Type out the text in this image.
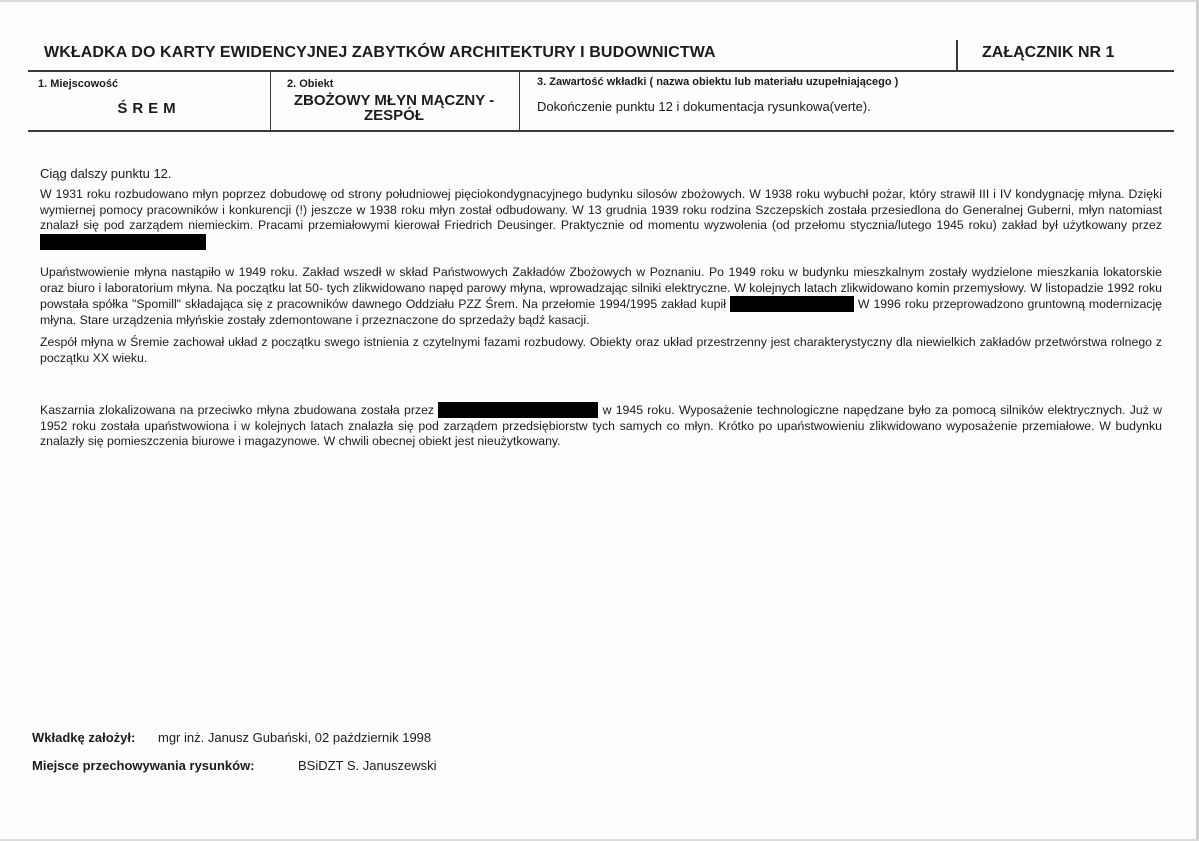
WKŁADKA DO KARTY EWIDENCYJNEJ ZABYTKÓW ARCHITEKTURY I BUDOWNICTWA	ZAŁĄCZNIK NR 1
1. Miejscowość
ŚREM
2. Obiekt
ZBOŻOWY MŁYN MĄCZNY - ZESPÓŁ
3. Zawartość wkładki ( nazwa obiektu lub materiału uzupełniającego )
Dokończenie punktu 12 i dokumentacja rysunkowa(verte).
Ciąg dalszy punktu 12.

W 1931 roku rozbudowano młyn poprzez dobudowę od strony południowej pięciokondygnacyjnego budynku silosów zbożowych. W 1938 roku wybuchł pożar, który strawił III i IV kondygnację młyna. Dzięki wymiernej pomocy pracowników i konkurencji (!) jeszcze w 1938 roku młyn został odbudowany. W 13 grudnia 1939 roku rodzina Szczepskich została przesiedlona do Generalnej Guberni, młyn natomiast znalazł się pod zarządem niemieckim. Pracami przemiałowymi kierował Friedrich Deusinger. Praktycznie od momentu wyzwolenia (od przełomu stycznia/lutego 1945 roku) zakład był użytkowany przez

Upaństwowienie młyna nastąpiło w 1949 roku. Zakład wszedł w skład Państwowych Zakładów Zbożowych w Poznaniu. Po 1949 roku w budynku mieszkalnym zostały wydzielone mieszkania lokatorskie oraz biuro i laboratorium młyna. Na początku lat 50- tych zlikwidowano napęd parowy młyna, wprowadzając silniki elektryczne. W kolejnych latach zlikwidowano komin przemysłowy. W listopadzie 1992 roku powstała spółka "Spomill" składająca się z pracowników dawnego Oddziału PZZ Śrem. Na przełomie 1994/1995 zakład kupił	W 1996 roku przeprowadzono gruntowną modernizację młyna. Stare urządzenia młyńskie zostały zdemontowane i przeznaczone do sprzedaży bądź kasacji.

Zespół młyna w Śremie zachował układ z początku swego istnienia z czytelnymi fazami rozbudowy. Obiekty oraz układ przestrzenny jest charakterystyczny dla niewielkich zakładów przetwórstwa rolnego z początku XX wieku.

Kaszarnia zlokalizowana na przeciwko młyna zbudowana została przez	w 1945 roku. Wyposażenie technologiczne napędzane było za pomocą silników elektrycznych. Już w 1952 roku została upaństwowiona i w kolejnych latach znalazła się pod zarządem przedsiębiorstw tych samych co młyn. Krótko po upaństwowieniu zlikwidowano wyposażenie przemiałowe. W budynku znalazły się pomieszczenia biurowe i magazynowe. W chwili obecnej obiekt jest nieużytkowany.

Wkładkę założył: mgr inż. Janusz Gubański, 02 październik 1998
Miejsce przechowywania rysunków:	BSiDZT S. Januszewski
